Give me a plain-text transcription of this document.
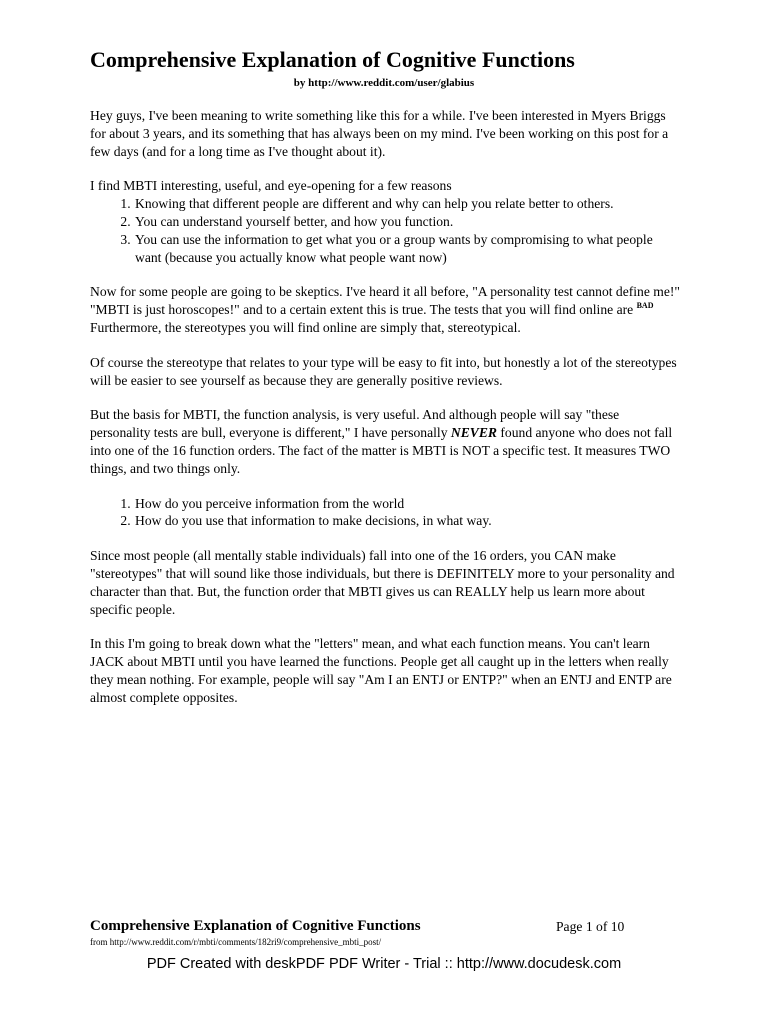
Comprehensive Explanation of Cognitive Functions
by http://www.reddit.com/user/glabius

Hey guys, I've been meaning to write something like this for a while. I've been interested in Myers Briggs for about 3 years, and its something that has always been on my mind. I've been working on this post for a few days (and for a long time as I've thought about it).

I find MBTI interesting, useful, and eye-opening for a few reasons
1. Knowing that different people are different and why can help you relate better to others.
2. You can understand yourself better, and how you function.
3. You can use the information to get what you or a group wants by compromising to what people want (because you actually know what people want now)

Now for some people are going to be skeptics. I've heard it all before, "A personality test cannot define me!" "MBTI is just horoscopes!" and to a certain extent this is true. The tests that you will find online are $^{BAD}$ Furthermore, the stereotypes you will find online are simply that, stereotypical.

Of course the stereotype that relates to your type will be easy to fit into, but honestly a lot of the stereotypes will be easier to see yourself as because they are generally positive reviews.

But the basis for MBTI, the function analysis, is very useful. And although people will say "these personality tests are bull, everyone is different," I have personally NEVER found anyone who does not fall into one of the 16 function orders. The fact of the matter is MBTI is NOT a specific test. It measures TWO things, and two things only.

1. How do you perceive information from the world
2. How do you use that information to make decisions, in what way.

Since most people (all mentally stable individuals) fall into one of the 16 orders, you CAN make "stereotypes" that will sound like those individuals, but there is DEFINITELY more to your personality and character than that. But, the function order that MBTI gives us can REALLY help us learn more about specific people.

In this I'm going to break down what the "letters" mean, and what each function means. You can't learn JACK about MBTI until you have learned the functions. People get all caught up in the letters when really they mean nothing. For example, people will say "Am I an ENTJ or ENTP?" when an ENTJ and ENTP are almost complete opposites.

Comprehensive Explanation of Cognitive Functions	Page 1 of 10
from http://www.reddit.com/r/mbti/comments/182ri9/comprehensive_mbti_post/
PDF Created with deskPDF PDF Writer - Trial :: http://www.docudesk.com
